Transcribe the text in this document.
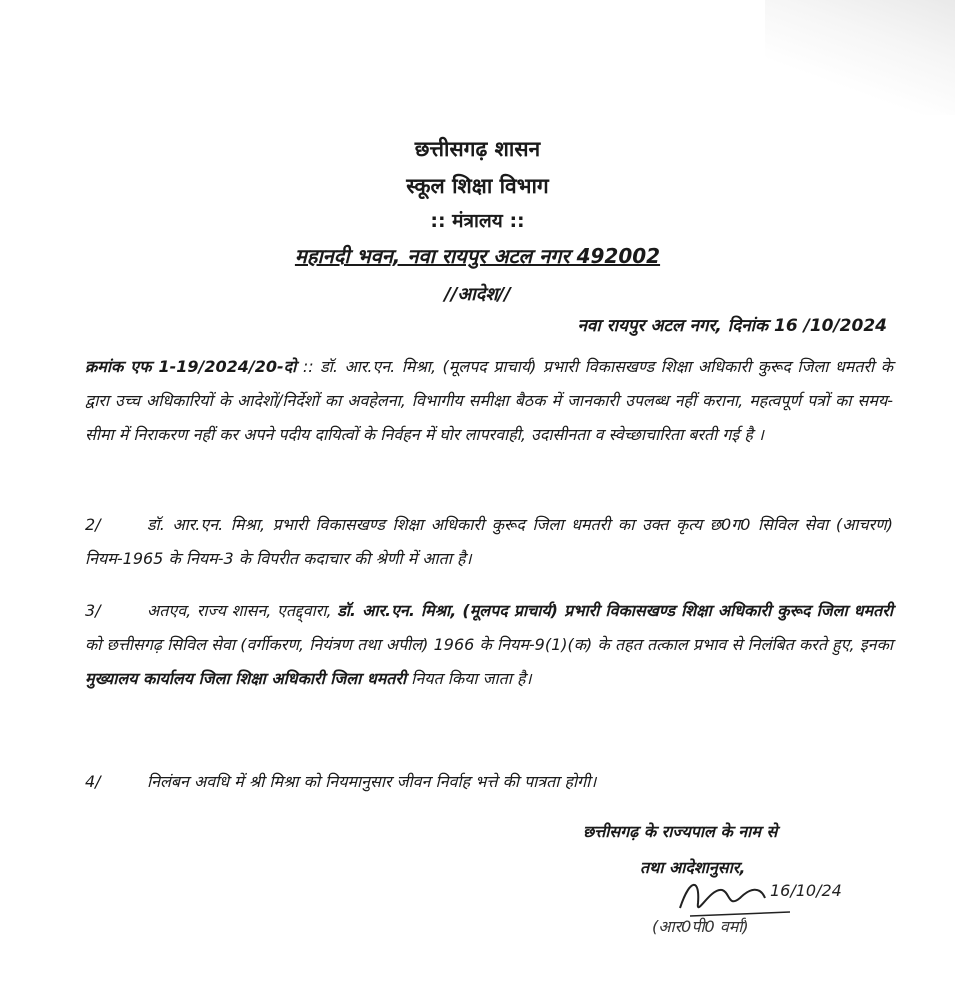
छत्तीसगढ़ शासन
स्कूल शिक्षा विभाग
:: मंत्रालय ::
महानदी भवन, नवा रायपुर अटल नगर 492002
//आदेश//
नवा रायपुर अटल नगर, दिनांक 16 /10/2024

क्रमांक एफ 1-19/2024/20-दो :: डॉ. आर.एन. मिश्रा, (मूलपद प्राचार्य) प्रभारी विकासखण्ड शिक्षा अधिकारी कुरूद जिला धमतरी के द्वारा उच्च अधिकारियों के आदेशों/निर्देशों का अवहेलना, विभागीय समीक्षा बैठक में जानकारी उपलब्ध नहीं कराना, महत्वपूर्ण पत्रों का समय-सीमा में निराकरण नहीं कर अपने पदीय दायित्वों के निर्वहन में घोर लापरवाही, उदासीनता व स्वेच्छाचारिता बरती गई है ।

2/	डॉ. आर.एन. मिश्रा, प्रभारी विकासखण्ड शिक्षा अधिकारी कुरूद जिला धमतरी का उक्त कृत्य छ0ग0 सिविल सेवा (आचरण) नियम-1965 के नियम-3 के विपरीत कदाचार की श्रेणी में आता है।

3/	अतएव, राज्य शासन, एतद्द्वारा, डॉ. आर.एन. मिश्रा, (मूलपद प्राचार्य) प्रभारी विकासखण्ड शिक्षा अधिकारी कुरूद जिला धमतरी को छत्तीसगढ़ सिविल सेवा (वर्गीकरण, नियंत्रण तथा अपील) 1966 के नियम-9(1)(क) के तहत तत्काल प्रभाव से निलंबित करते हुए, इनका मुख्यालय कार्यालय जिला शिक्षा अधिकारी जिला धमतरी नियत किया जाता है।

4/	निलंबन अवधि में श्री मिश्रा को नियमानुसार जीवन निर्वाह भत्ते की पात्रता होगी।

छत्तीसगढ़ के राज्यपाल के नाम से
तथा आदेशानुसार,
16/10/24
(आर0पी0 वर्मा)
